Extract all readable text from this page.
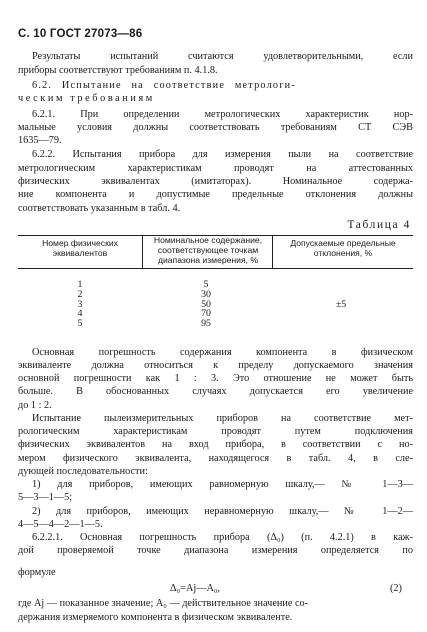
С. 10 ГОСТ 27073—86
Результаты испытаний считаются удовлетворительными, если
приборы соответствуют требованиям п. 4.1.8.
6.2. Испытание на соответствие метрологи-
ческим требованиям
6.2.1. При определении метрологических характеристик нор-
мальные условия должны соответствовать требованиям СТ СЭВ
1635—79.
6.2.2. Испытания прибора для измерения пыли на соответствие
метрологическим характеристикам проводят на аттестованных
физических эквивалентах (имитаторах). Номинальное содержа-
ние компонента и допустимые предельные отклонения должны
соответствовать указанным в табл. 4.
Таблица 4
Номер физических эквивалентов
Номинальное содержание, соответствующее точкам диапазона измерения, %
Допускаемые предельные отклонения, %
1
2
3
4
5
5
30
50
70
95
±5
Основная погрешность содержания компонента в физическом
эквиваленте должна относиться к пределу допускаемого значения
основной погрешности как 1 : 3. Это отношение не может быть
больше. В обоснованных случаях допускается его увеличение
до 1 : 2.
Испытание пылеизмерительных приборов на соответствие мет-
рологическим характеристикам проводят путем подключения
физических эквивалентов на вход прибора, в соответствии с но-
мером физического эквивалента, находящегося в табл. 4, в сле-
дующей последовательности:
1) для приборов, имеющих равномерную шкалу,— № 1—3—
5—3—1—5;
2) для приборов, имеющих неравномерную шкалу,— № 1—2—
4—5—4—2—1—5.
6.2.2.1. Основная погрешность прибора (Δ₀) (п. 4.2.1) в каж-
дой проверяемой точке диапазона измерения определяется по
формуле
Δ₀=Aj—A₀,	(2)
где Aj — показанное значение; A₀ — действительное значение со-
держания измеряемого компонента в физическом эквиваленте.
